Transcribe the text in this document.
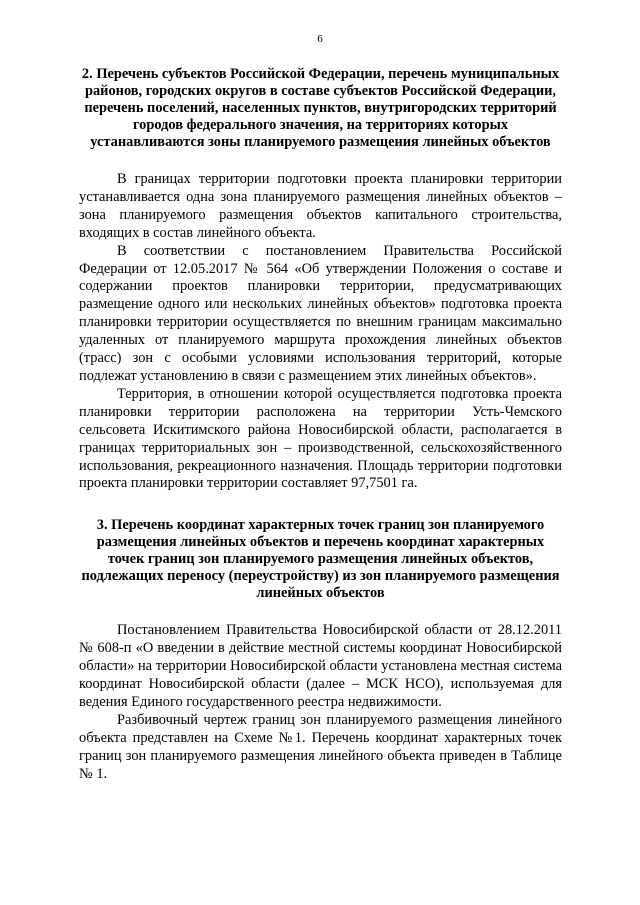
6

2. Перечень субъектов Российской Федерации, перечень муниципальных районов, городских округов в составе субъектов Российской Федерации, перечень поселений, населенных пунктов, внутригородских территорий городов федерального значения, на территориях которых устанавливаются зоны планируемого размещения линейных объектов

В границах территории подготовки проекта планировки территории устанавливается одна зона планируемого размещения линейных объектов – зона планируемого размещения объектов капитального строительства, входящих в состав линейного объекта.

В соответствии с постановлением Правительства Российской Федерации от 12.05.2017 № 564 «Об утверждении Положения о составе и содержании проектов планировки территории, предусматривающих размещение одного или нескольких линейных объектов» подготовка проекта планировки территории осуществляется по внешним границам максимально удаленных от планируемого маршрута прохождения линейных объектов (трасс) зон с особыми условиями использования территорий, которые подлежат установлению в связи с размещением этих линейных объектов».

Территория, в отношении которой осуществляется подготовка проекта планировки территории расположена на территории Усть-Чемского сельсовета Искитимского района Новосибирской области, располагается в границах территориальных зон – производственной, сельскохозяйственного использования, рекреационного назначения. Площадь территории подготовки проекта планировки территории составляет 97,7501 га.

3. Перечень координат характерных точек границ зон планируемого размещения линейных объектов и перечень координат характерных точек границ зон планируемого размещения линейных объектов, подлежащих переносу (переустройству) из зон планируемого размещения линейных объектов

Постановлением Правительства Новосибирской области от 28.12.2011 № 608-п «О введении в действие местной системы координат Новосибирской области» на территории Новосибирской области установлена местная система координат Новосибирской области (далее – МСК НСО), используемая для ведения Единого государственного реестра недвижимости.

Разбивочный чертеж границ зон планируемого размещения линейного объекта представлен на Схеме №1. Перечень координат характерных точек границ зон планируемого размещения линейного объекта приведен в Таблице № 1.
